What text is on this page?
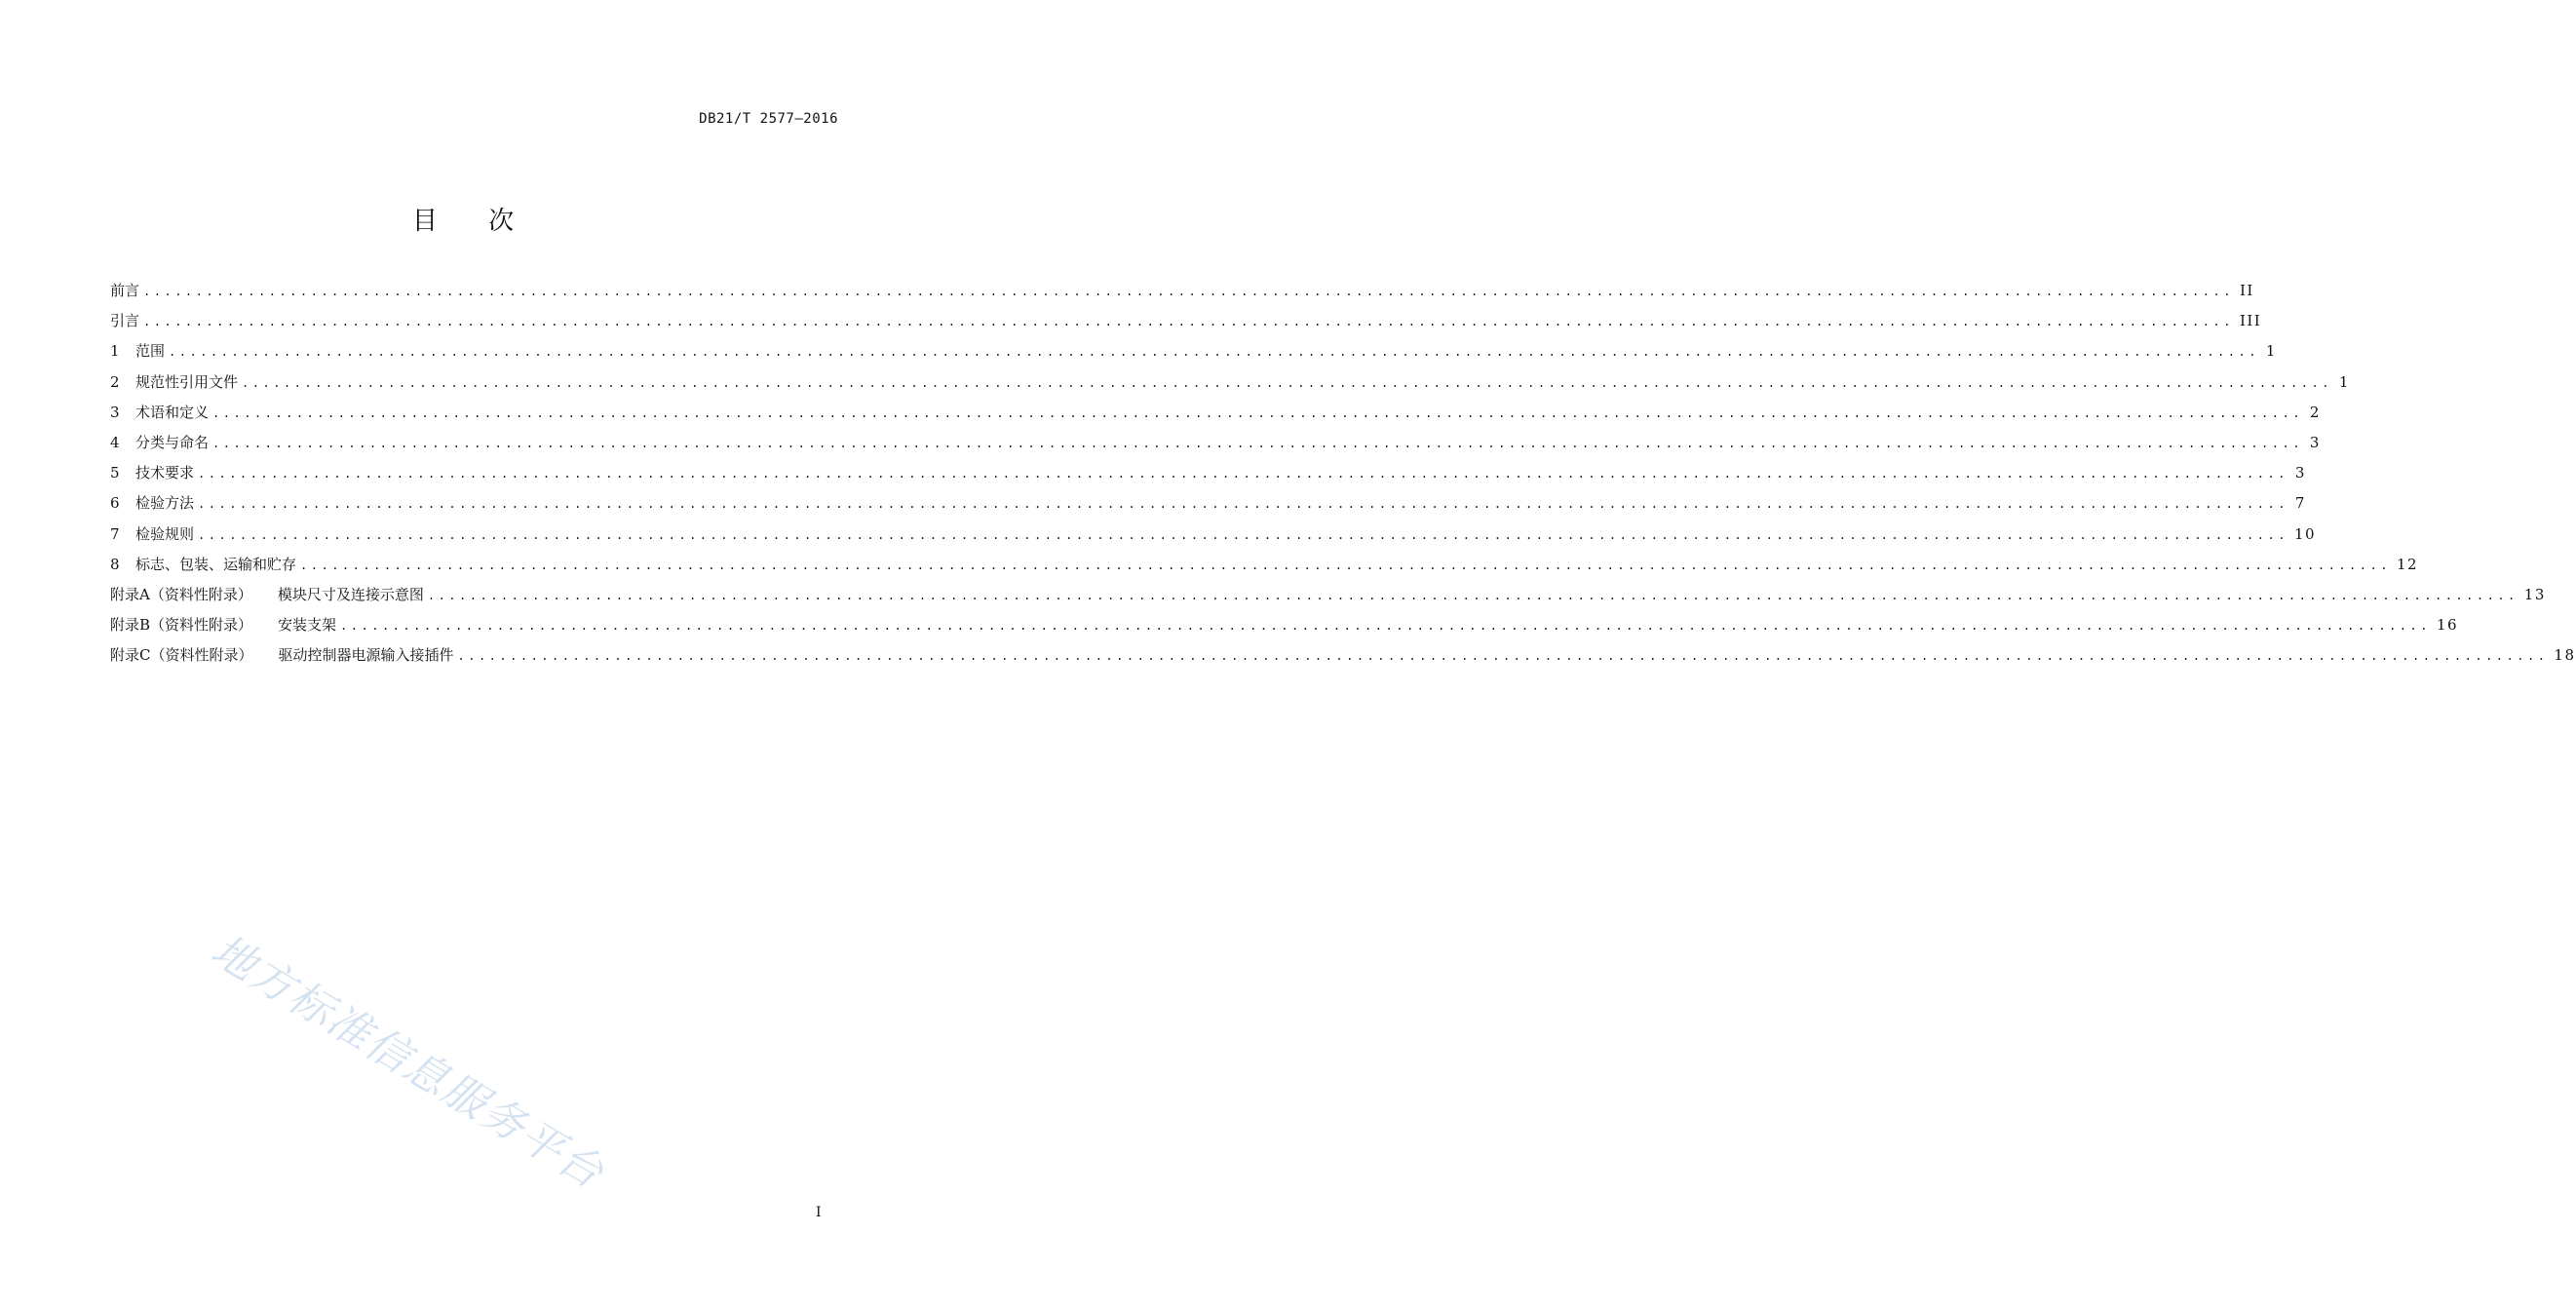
DB21/T 2577—2016
目 次
前言 ........................................................................................................................................................................................................ II
引言 ........................................................................................................................................................................................................ III
1	范围 ........................................................................................................................................................................................................ 1
2	规范性引用文件 ........................................................................................................................................................................................................ 1
3	术语和定义 ........................................................................................................................................................................................................ 2
4	分类与命名 ........................................................................................................................................................................................................ 3
5	技术要求 ........................................................................................................................................................................................................ 3
6	检验方法 ........................................................................................................................................................................................................ 7
7	检验规则 ........................................................................................................................................................................................................ 10
8	标志、包装、运输和贮存 ........................................................................................................................................................................................................ 12
附录A（资料性附录） 模块尺寸及连接示意图 ........................................................................................................................................................................................................ 13
附录B（资料性附录） 安装支架 ........................................................................................................................................................................................................ 16
附录C（资料性附录） 驱动控制器电源输入接插件 ........................................................................................................................................................................................................ 18
地方标准信息服务平台
I
